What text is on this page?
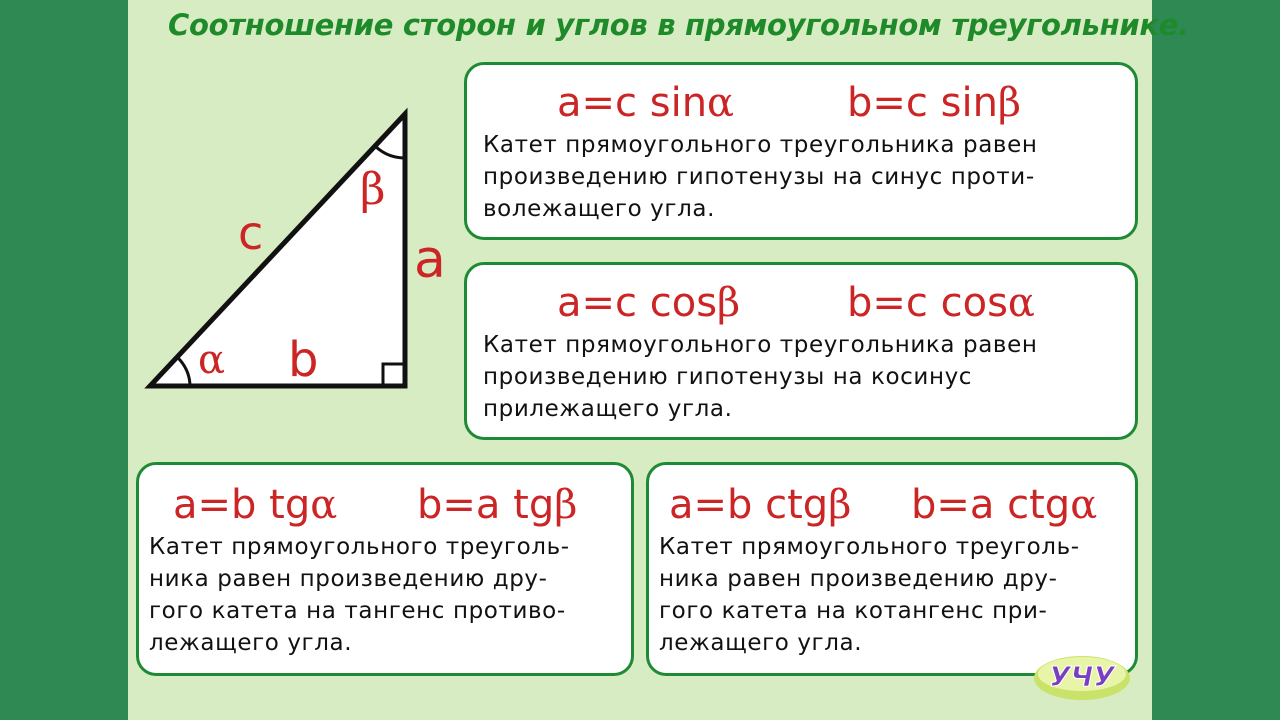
Соотношение сторон и углов в прямоугольном треугольнике.
c	a
b
α
β
a=c sinα	b=c sinβ
Катет прямоугольного треугольника равен
произведению гипотенузы на синус проти-
волежащего угла.
a=c cosβ	b=c cosα
Катет прямоугольного треугольника равен
произведению гипотенузы на косинус
прилежащего угла.
a=b tgα b=a tgβ
Катет прямоугольного треуголь-
ника равен произведению дру-
гого катета на тангенс противо-
лежащего угла.
a=b ctgβ b=a ctgα
Катет прямоугольного треуголь-
ника равен произведению дру-
гого катета на котангенс при-
лежащего угла.
УЧУ
